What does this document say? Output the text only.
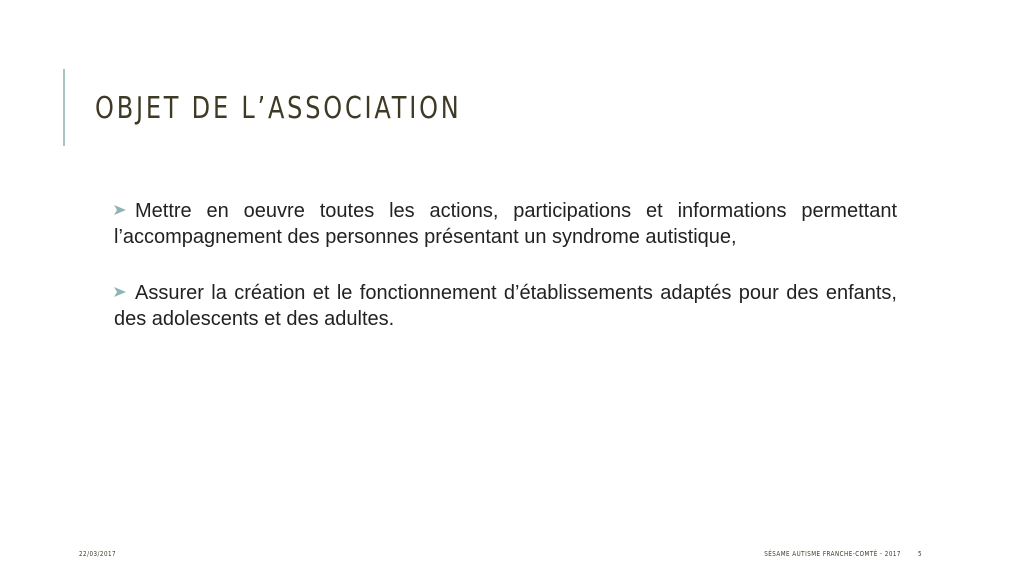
OBJET DE L’ASSOCIATION

Mettre en oeuvre toutes les actions, participations et informations permettant l’accompagnement des personnes présentant un syndrome autistique,

Assurer la création et le fonctionnement d’établissements adaptés pour des enfants, des adolescents et des adultes.

22/03/2017	SÉSAME AUTISME FRANCHE-COMTÉ - 2017 5
